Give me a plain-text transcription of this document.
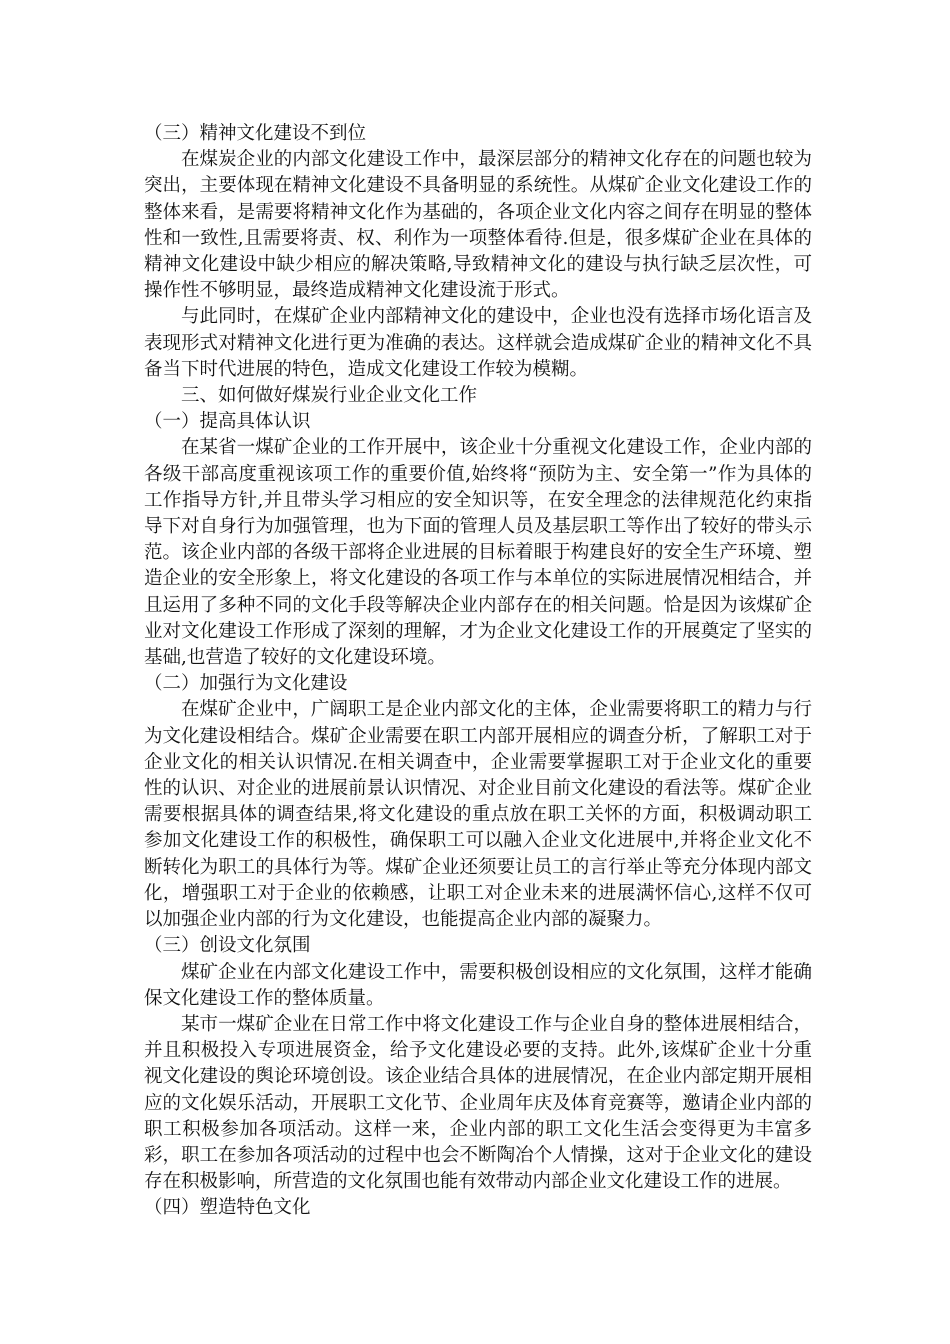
（三）精神文化建设不到位

在煤炭企业的内部文化建设工作中，最深层部分的精神文化存在的问题也较为突出，主要体现在精神文化建设不具备明显的系统性。从煤矿企业文化建设工作的整体来看，是需要将精神文化作为基础的，各项企业文化内容之间存在明显的整体性和一致性,且需要将责、权、利作为一项整体看待.但是，很多煤矿企业在具体的精神文化建设中缺少相应的解决策略,导致精神文化的建设与执行缺乏层次性，可操作性不够明显，最终造成精神文化建设流于形式。

与此同时，在煤矿企业内部精神文化的建设中，企业也没有选择市场化语言及表现形式对精神文化进行更为准确的表达。这样就会造成煤矿企业的精神文化不具备当下时代进展的特色，造成文化建设工作较为模糊。

三、如何做好煤炭行业企业文化工作

（一）提高具体认识

在某省一煤矿企业的工作开展中，该企业十分重视文化建设工作，企业内部的各级干部高度重视该项工作的重要价值,始终将“预防为主、安全第一”作为具体的工作指导方针,并且带头学习相应的安全知识等，在安全理念的法律规范化约束指导下对自身行为加强管理，也为下面的管理人员及基层职工等作出了较好的带头示范。该企业内部的各级干部将企业进展的目标着眼于构建良好的安全生产环境、塑造企业的安全形象上，将文化建设的各项工作与本单位的实际进展情况相结合，并且运用了多种不同的文化手段等解决企业内部存在的相关问题。恰是因为该煤矿企业对文化建设工作形成了深刻的理解，才为企业文化建设工作的开展奠定了坚实的基础,也营造了较好的文化建设环境。

（二）加强行为文化建设

在煤矿企业中，广阔职工是企业内部文化的主体，企业需要将职工的精力与行为文化建设相结合。煤矿企业需要在职工内部开展相应的调查分析，了解职工对于企业文化的相关认识情况.在相关调查中，企业需要掌握职工对于企业文化的重要性的认识、对企业的进展前景认识情况、对企业目前文化建设的看法等。煤矿企业需要根据具体的调查结果,将文化建设的重点放在职工关怀的方面，积极调动职工参加文化建设工作的积极性，确保职工可以融入企业文化进展中,并将企业文化不断转化为职工的具体行为等。煤矿企业还须要让员工的言行举止等充分体现内部文化，增强职工对于企业的依赖感，让职工对企业未来的进展满怀信心,这样不仅可以加强企业内部的行为文化建设，也能提高企业内部的凝聚力。

（三）创设文化氛围

煤矿企业在内部文化建设工作中，需要积极创设相应的文化氛围，这样才能确保文化建设工作的整体质量。

某市一煤矿企业在日常工作中将文化建设工作与企业自身的整体进展相结合，并且积极投入专项进展资金，给予文化建设必要的支持。此外,该煤矿企业十分重视文化建设的舆论环境创设。该企业结合具体的进展情况，在企业内部定期开展相应的文化娱乐活动，开展职工文化节、企业周年庆及体育竞赛等，邀请企业内部的职工积极参加各项活动。这样一来，企业内部的职工文化生活会变得更为丰富多彩，职工在参加各项活动的过程中也会不断陶冶个人情操，这对于企业文化的建设存在积极影响，所营造的文化氛围也能有效带动内部企业文化建设工作的进展。

（四）塑造特色文化
